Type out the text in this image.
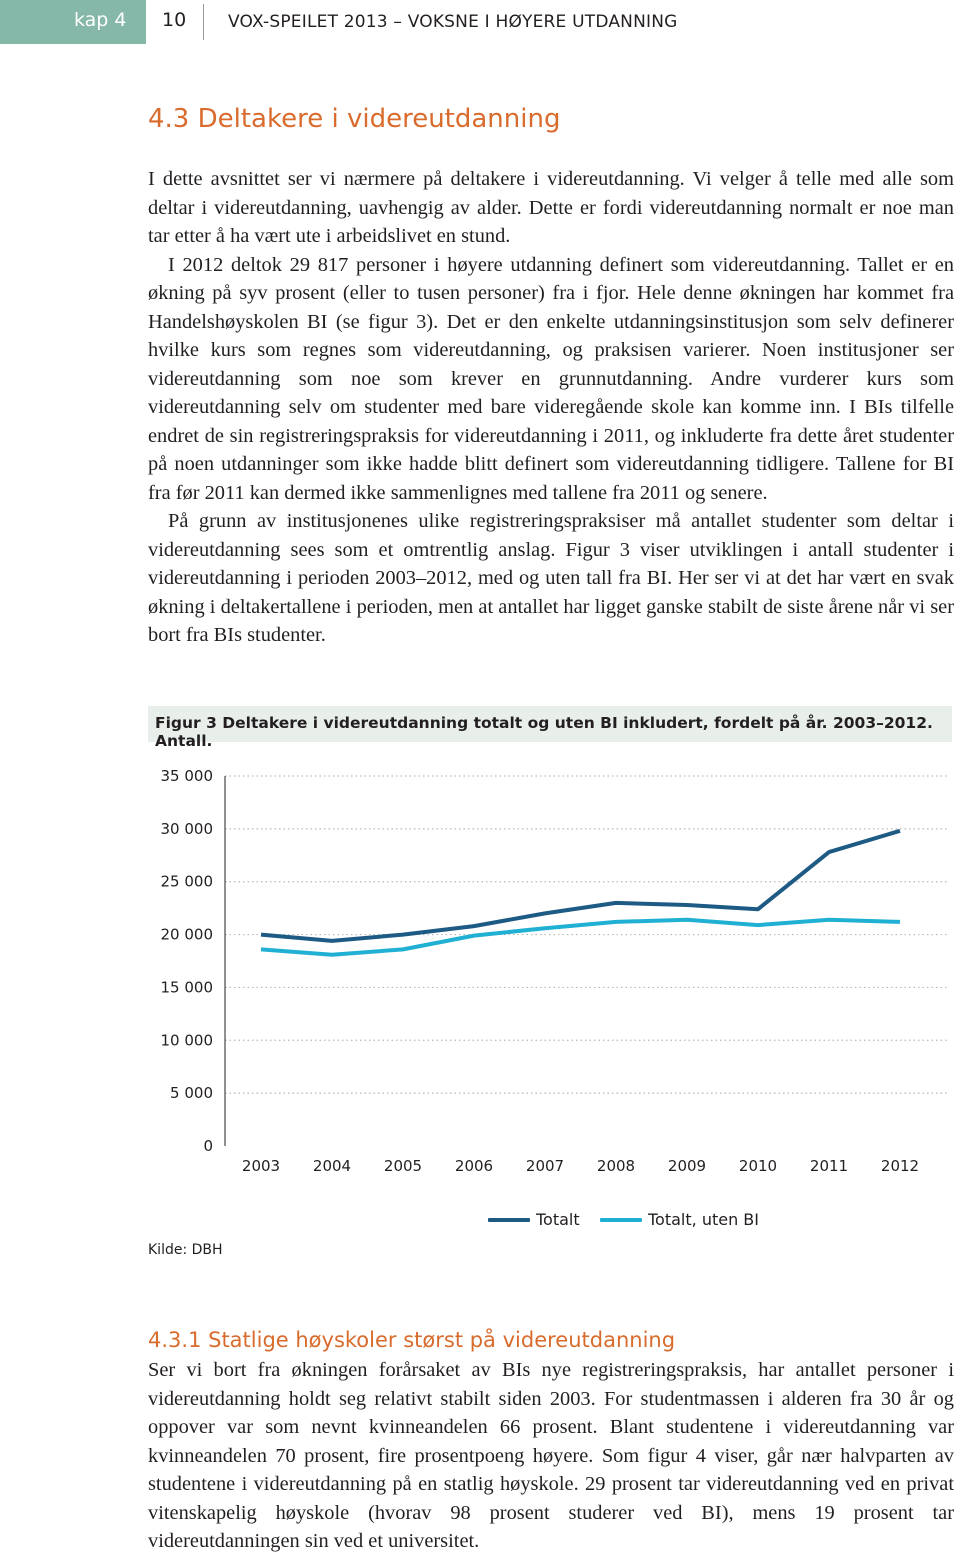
kap 4 10 VOX-SPEILET 2013 – VOKSNE I HØYERE UTDANNING
4.3 Deltakere i videreutdanning

I dette avsnittet ser vi nærmere på deltakere i videreutdanning. Vi velger å telle med alle som deltar i videreutdanning, uavhengig av alder. Dette er fordi videreutdanning normalt er noe man tar etter å ha vært ute i arbeidslivet en stund.

I 2012 deltok 29 817 personer i høyere utdanning definert som videreutdanning. Tallet er en økning på syv prosent (eller to tusen personer) fra i fjor. Hele denne økningen har kommet fra Handelshøyskolen BI (se figur 3). Det er den enkelte utdanningsinstitusjon som selv definerer hvilke kurs som regnes som videreutdanning, og praksisen varierer. Noen institusjoner ser videreutdanning som noe som krever en grunnutdanning. Andre vurderer kurs som videreutdanning selv om studenter med bare videregående skole kan komme inn. I BIs tilfelle endret de sin registreringspraksis for videreutdanning i 2011, og inkluderte fra dette året studenter på noen utdanninger som ikke hadde blitt definert som videreutdanning tidligere. Tallene for BI fra før 2011 kan dermed ikke sammenlignes med tallene fra 2011 og senere.

På grunn av institusjonenes ulike registreringspraksiser må antallet studenter som deltar i videreutdanning sees som et omtrentlig anslag. Figur 3 viser utviklingen i antall studenter i videreutdanning i perioden 2003–2012, med og uten tall fra BI. Her ser vi at det har vært en svak økning i deltakertallene i perioden, men at antallet har ligget ganske stabilt de siste årene når vi ser bort fra BIs studenter.

Figur 3 Deltakere i videreutdanning totalt og uten BI inkludert, fordelt på år. 2003–2012. Antall.
0
5 000
10 000
15 000
20 000
25 000
30 000
35 000
2003 2004 2005 2006 2007 2008 2009 2010 2011 2012
Totalt	Totalt, uten BI
Kilde: DBH
4.3.1 Statlige høyskoler størst på videreutdanning

Ser vi bort fra økningen forårsaket av BIs nye registreringspraksis, har antallet personer i videreutdanning holdt seg relativt stabilt siden 2003. For studentmassen i alderen fra 30 år og oppover var som nevnt kvinneandelen 66 prosent. Blant studentene i videreutdanning var kvinneandelen 70 prosent, fire prosentpoeng høyere. Som figur 4 viser, går nær halvparten av studentene i videreutdanning på en statlig høyskole. 29 prosent tar videreutdanning ved en privat vitenskapelig høyskole (hvorav 98 prosent studerer ved BI), mens 19 prosent tar videreutdanningen sin ved et universitet.
